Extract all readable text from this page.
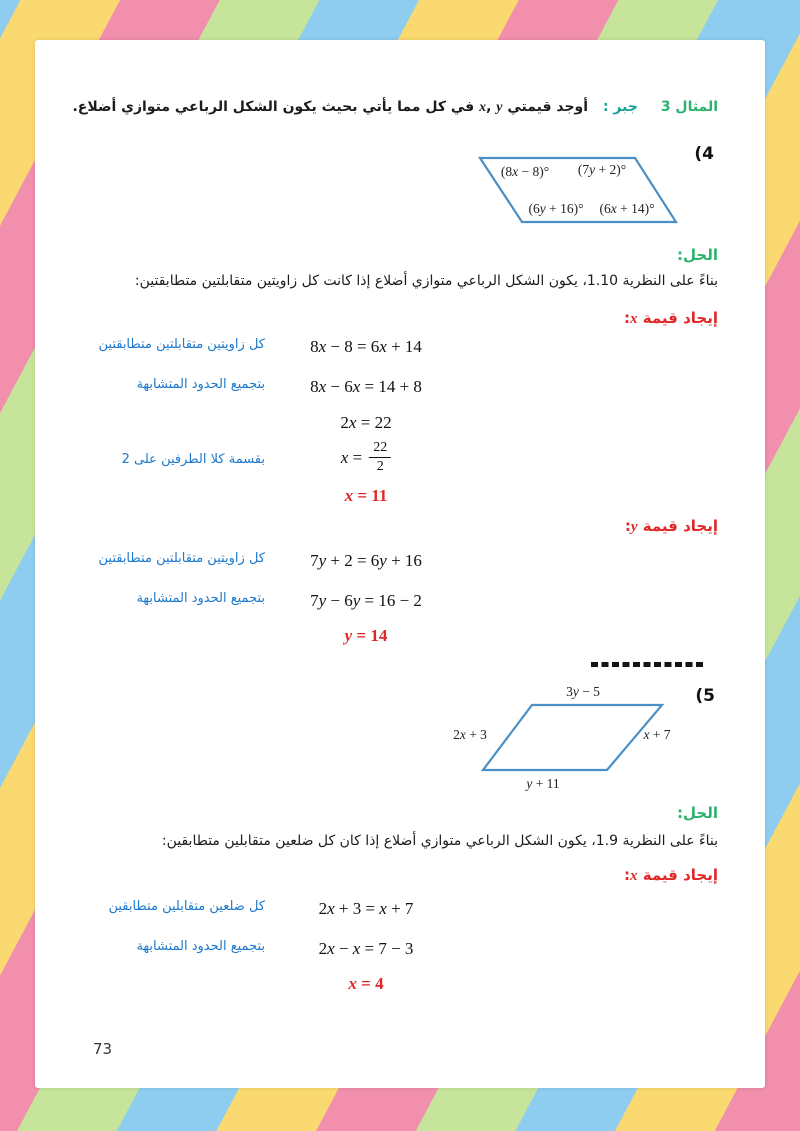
المثال 3 جبر : أوجد قيمتي x, y في كل مما يأتي بحيث يكون الشكل الرباعي متوازي أضلاع.
(4
(8x − 8)° (7y + 2)°
(6y + 16)° (6x + 14)°
الحل:
بناءً على النظرية 1.10، يكون الشكل الرباعي متوازي أضلاع إذا كانت كل زاويتين متقابلتين متطابقتين:
إيجاد قيمة x:
8x − 8 = 6x + 14
كل زاويتين متقابلتين متطابقتين
8x − 6x = 14 + 8
بتجميع الحدود المتشابهة
2x = 22
$x = \frac{22}{2}$
بقسمة كلا الطرفين على 2
x = 11
إيجاد قيمة y:
7y + 2 = 6y + 16
كل زاويتين متقابلتين متطابقتين
7y − 6y = 16 − 2
بتجميع الحدود المتشابهة
y = 14
(5
3y − 5
2x + 3	x + 7
y + 11
الحل:
بناءً على النظرية 1.9، يكون الشكل الرباعي متوازي أضلاع إذا كان كل ضلعين متقابلين متطابقين:
إيجاد قيمة x:
2x + 3 = x + 7
كل ضلعين متقابلين متطابقين
2x − x = 7 − 3
بتجميع الحدود المتشابهة
x = 4
73
